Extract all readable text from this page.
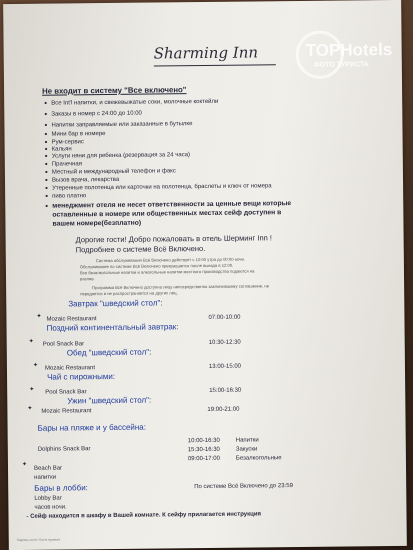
Sharming Inn
Не входит в систему "Все включено"
• Все Int'l напитки, и свежевыжатые соки, молочные коктейли
• Заказы в номер с 24:00 до 10:00
• Напитки заправляемые или заказанные в бутылке
• Мини бар в номере
• Рум-сервис
• Кальян
• Услуги няни для ребенка (резервация за 24 часа)
• Прачечная
• Местный и международный телефон и факс
• Вызов врача, лекарства
• Утеренные полотенца или карточки на полотенца, браслеты и ключ от номера
• пиво платно
• менеджмент отеля не несет ответственности за ценные вещи которые
оставленные в номере или общественных местах сейф доступен в
вашем номере(безплатно)
Дорогие гости! Добро пожаловать в отель Шерминг Inn !
Подробнее о системе Всё Включено.
Система обслуживания Всё Включено действует с 10:00 утра до 00:00 ночи.
Обслуживание по системе Всё Включено прекращается после выезда в 12:00.
Все безалкогольные напитки и алкогольные напитки местного производства подаются на
разлив.
Программа Всё Включено доступна лицу непосредственно заключившему соглашение, не
передается и не распространяется на других лиц.
Завтрак "шведский стол":
✦ Mozaic Restaurant	07:00-10:00
Поздний континентальный завтрак:
✦ Pool Snack Bar	10:30-12:30
Обед "шведский стол":
✦ Mozaic Restaurant	13:00-15:00
Чай с пирожными:
✦ Pool Snack Bar	15:00-16:30
Ужин "шведский стол":
✦ Mozaic Restaurant	19:00-21:00
Бары на пляже и у бассейна:
Dolphins Snack Bar
10:00-16:30	Напитки
15:30-16:30	Закуски
09:00-17:00	Безалкогольные
✦
Beach Bar
напитки
Бары в лобби:	По системе Всё Включено до 23:59
Lobby Bar
часов ночи.
- Сейф находится в шкафу в Вашей комнате. К сейфу прилагается инструкция
Подпись гостя / Guest signature
TOPHotels
ФОТО ТУРИСТА
